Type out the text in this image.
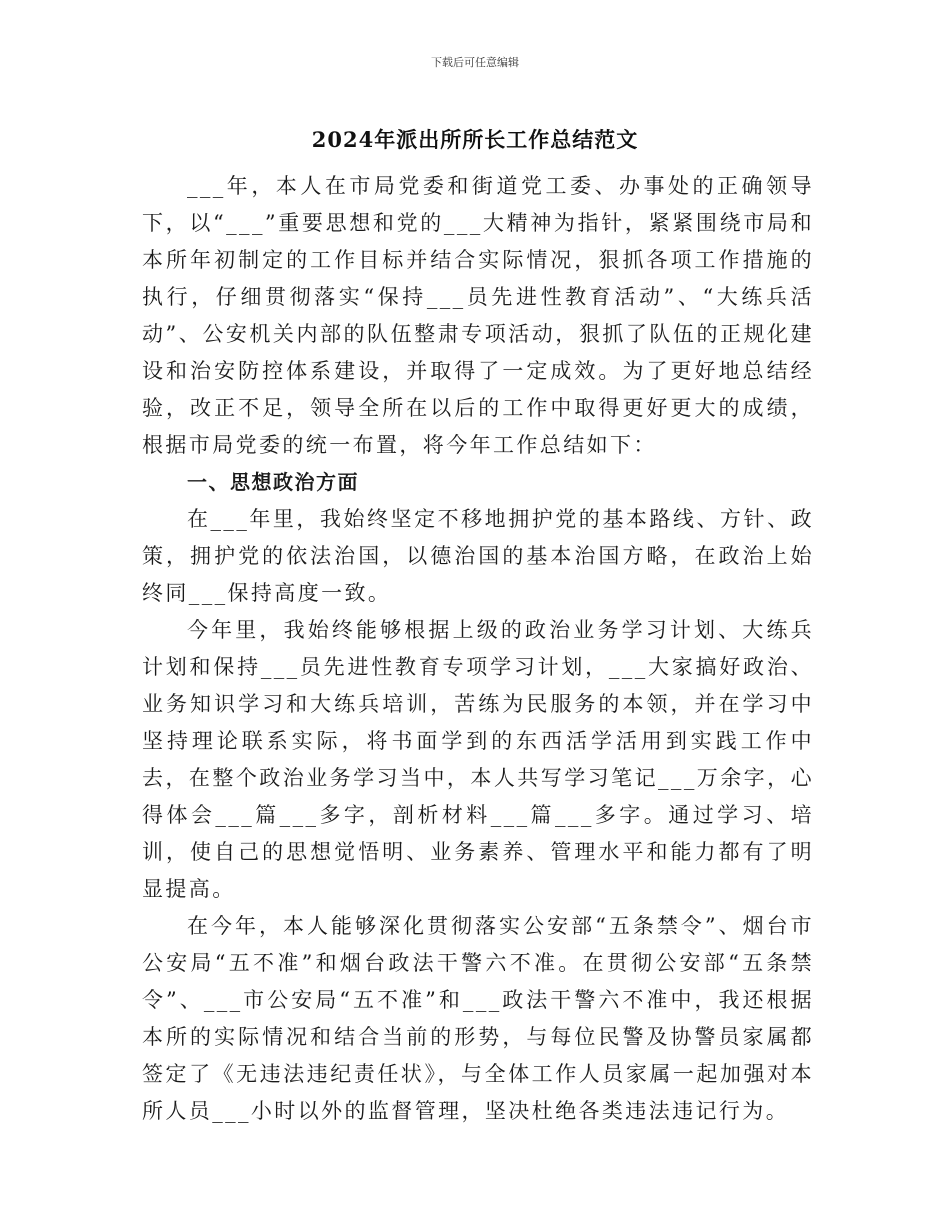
下载后可任意编辑

2024年派出所所长工作总结范文

___年，本人在市局党委和街道党工委、办事处的正确领导下，以“___”重要思想和党的___大精神为指针，紧紧围绕市局和本所年初制定的工作目标并结合实际情况，狠抓各项工作措施的执行，仔细贯彻落实“保持___员先进性教育活动”、“大练兵活动”、公安机关内部的队伍整肃专项活动，狠抓了队伍的正规化建设和治安防控体系建设，并取得了一定成效。为了更好地总结经验，改正不足，领导全所在以后的工作中取得更好更大的成绩，根据市局党委的统一布置，将今年工作总结如下：

一、思想政治方面

在___年里，我始终坚定不移地拥护党的基本路线、方针、政策，拥护党的依法治国，以德治国的基本治国方略，在政治上始终同___保持高度一致。

今年里，我始终能够根据上级的政治业务学习计划、大练兵计划和保持___员先进性教育专项学习计划，___大家搞好政治、业务知识学习和大练兵培训，苦练为民服务的本领，并在学习中坚持理论联系实际，将书面学到的东西活学活用到实践工作中去，在整个政治业务学习当中，本人共写学习笔记___万余字，心得体会___篇___多字，剖析材料___篇___多字。通过学习、培训，使自己的思想觉悟明、业务素养、管理水平和能力都有了明显提高。

在今年，本人能够深化贯彻落实公安部“五条禁令”、烟台市公安局“五不准”和烟台政法干警六不准。在贯彻公安部“五条禁令”、___市公安局“五不准”和___政法干警六不准中，我还根据本所的实际情况和结合当前的形势，与每位民警及协警员家属都签定了《无违法违纪责任状》，与全体工作人员家属一起加强对本所人员___小时以外的监督管理，坚决杜绝各类违法违记行为。
